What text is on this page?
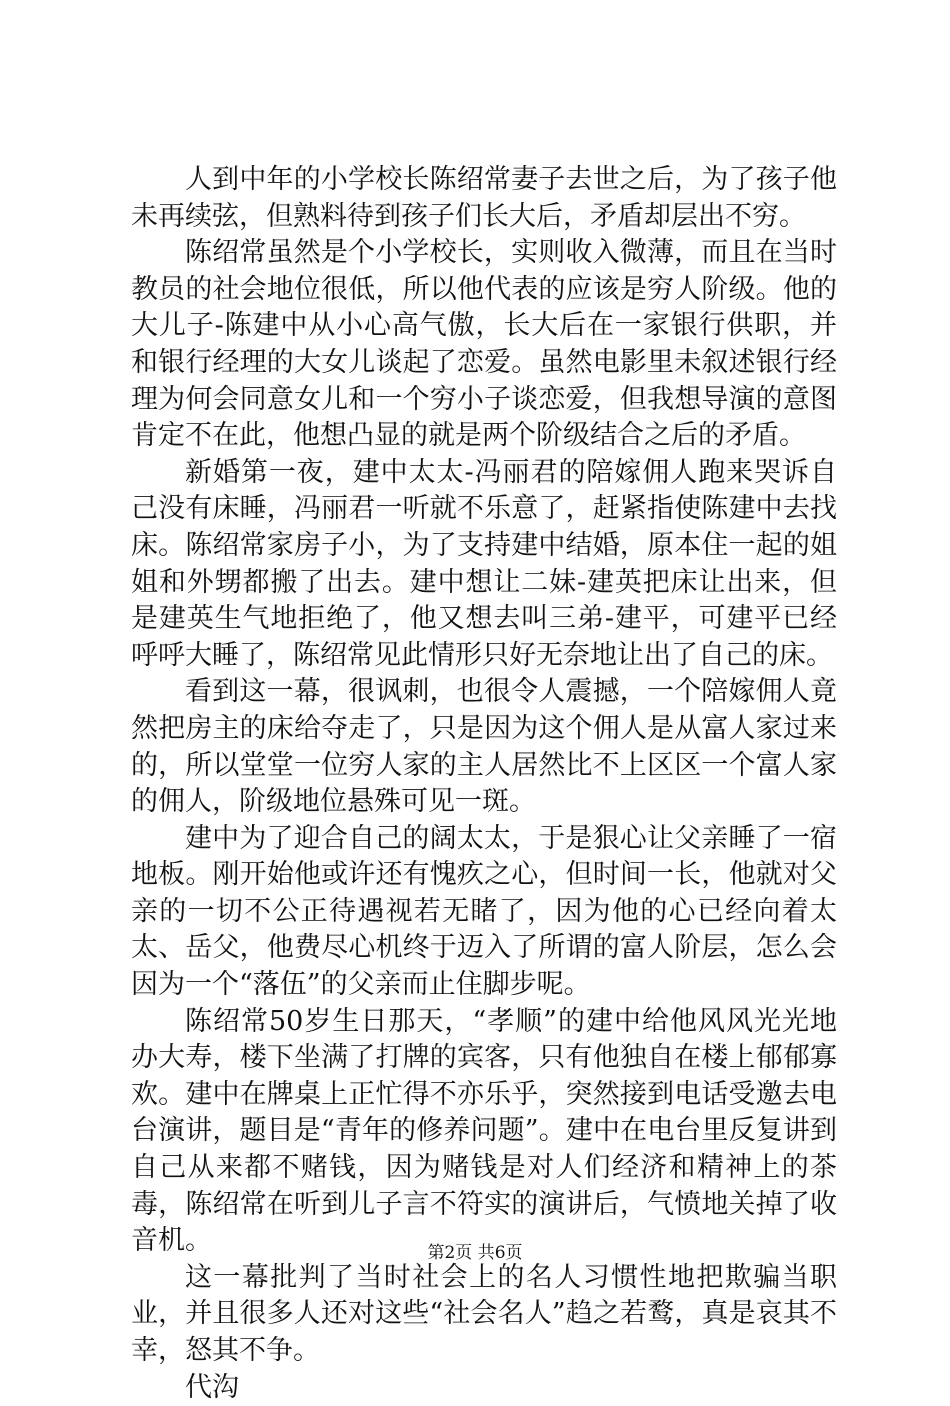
人到中年的小学校长陈绍常妻子去世之后，为了孩子他未再续弦，但熟料待到孩子们长大后，矛盾却层出不穷。

陈绍常虽然是个小学校长，实则收入微薄，而且在当时教员的社会地位很低，所以他代表的应该是穷人阶级。他的大儿子-陈建中从小心高气傲，长大后在一家银行供职，并和银行经理的大女儿谈起了恋爱。虽然电影里未叙述银行经理为何会同意女儿和一个穷小子谈恋爱，但我想导演的意图肯定不在此，他想凸显的就是两个阶级结合之后的矛盾。

新婚第一夜，建中太太-冯丽君的陪嫁佣人跑来哭诉自己没有床睡，冯丽君一听就不乐意了，赶紧指使陈建中去找床。陈绍常家房子小，为了支持建中结婚，原本住一起的姐姐和外甥都搬了出去。建中想让二妹-建英把床让出来，但是建英生气地拒绝了，他又想去叫三弟-建平，可建平已经呼呼大睡了，陈绍常见此情形只好无奈地让出了自己的床。

看到这一幕，很讽刺，也很令人震撼，一个陪嫁佣人竟然把房主的床给夺走了，只是因为这个佣人是从富人家过来的，所以堂堂一位穷人家的主人居然比不上区区一个富人家的佣人，阶级地位悬殊可见一斑。

建中为了迎合自己的阔太太，于是狠心让父亲睡了一宿地板。刚开始他或许还有愧疚之心，但时间一长，他就对父亲的一切不公正待遇视若无睹了，因为他的心已经向着太太、岳父，他费尽心机终于迈入了所谓的富人阶层，怎么会因为一个“落伍”的父亲而止住脚步呢。

陈绍常50岁生日那天，“孝顺”的建中给他风风光光地办大寿，楼下坐满了打牌的宾客，只有他独自在楼上郁郁寡欢。建中在牌桌上正忙得不亦乐乎，突然接到电话受邀去电台演讲，题目是“青年的修养问题”。建中在电台里反复讲到自己从来都不赌钱，因为赌钱是对人们经济和精神上的茶毒，陈绍常在听到儿子言不符实的演讲后，气愤地关掉了收音机。

这一幕批判了当时社会上的名人习惯性地把欺骗当职业，并且很多人还对这些“社会名人”趋之若鹜，真是哀其不幸，怒其不争。

代沟

第2页 共6页
